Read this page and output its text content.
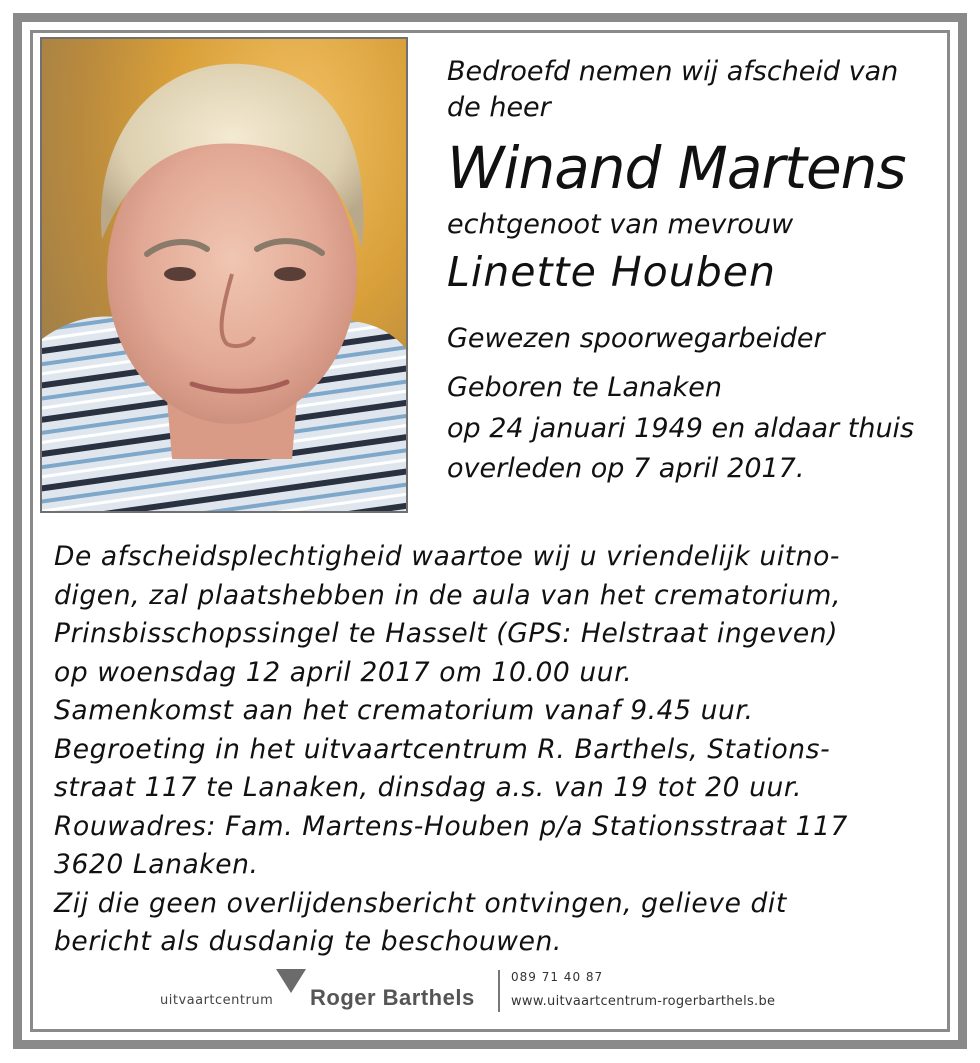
Bedroefd nemen wij afscheid van
de heer
Winand Martens
echtgenoot van mevrouw
Linette Houben
Gewezen spoorwegarbeider
Geboren te Lanaken
op 24 januari 1949 en aldaar thuis
overleden op 7 april 2017.
De afscheidsplechtigheid waartoe wij u vriendelijk uitno-
digen, zal plaatshebben in de aula van het crematorium,
Prinsbisschopssingel te Hasselt (GPS: Helstraat ingeven)
op woensdag 12 april 2017 om 10.00 uur.
Samenkomst aan het crematorium vanaf 9.45 uur.
Begroeting in het uitvaartcentrum R. Barthels, Stations-
straat 117 te Lanaken, dinsdag a.s. van 19 tot 20 uur.
Rouwadres: Fam. Martens-Houben p/a Stationsstraat 117
3620 Lanaken.
Zij die geen overlijdensbericht ontvingen, gelieve dit
bericht als dusdanig te beschouwen.
uitvaartcentrum Roger Barthels
089 71 40 87
www.uitvaartcentrum-rogerbarthels.be
